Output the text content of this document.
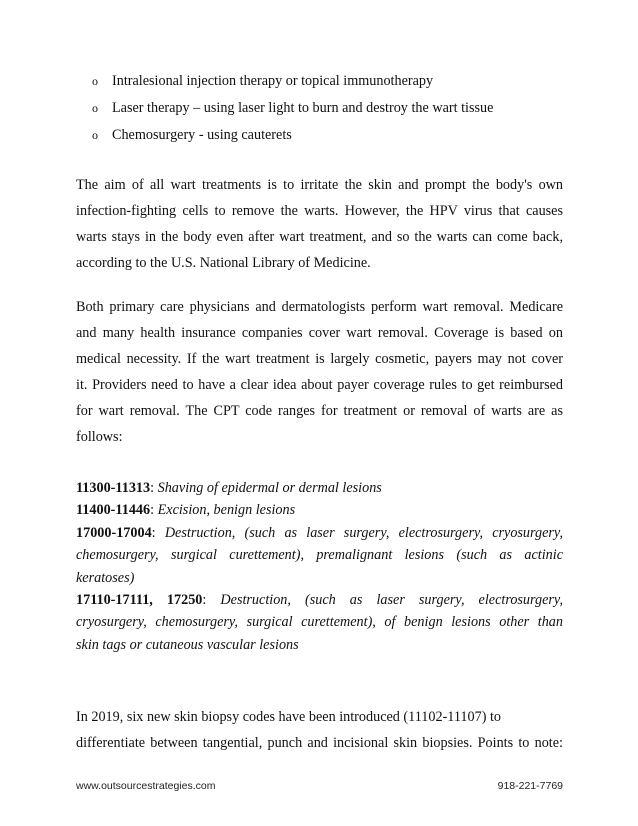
o Intralesional injection therapy or topical immunotherapy
o Laser therapy – using laser light to burn and destroy the wart tissue
o Chemosurgery - using cauterets

The aim of all wart treatments is to irritate the skin and prompt the body's own
infection-fighting cells to remove the warts. However, the HPV virus that causes
warts stays in the body even after wart treatment, and so the warts can come back,
according to the U.S. National Library of Medicine.

Both primary care physicians and dermatologists perform wart removal. Medicare
and many health insurance companies cover wart removal. Coverage is based on
medical necessity. If the wart treatment is largely cosmetic, payers may not cover
it. Providers need to have a clear idea about payer coverage rules to get reimbursed
for wart removal. The CPT code ranges for treatment or removal of warts are as
follows:

11300-11313: Shaving of epidermal or dermal lesions
11400-11446: Excision, benign lesions
17000-17004: Destruction, (such as laser surgery, electrosurgery, cryosurgery,
chemosurgery, surgical curettement), premalignant lesions (such as actinic
keratoses)
17110-17111, 17250: Destruction, (such as laser surgery, electrosurgery,
cryosurgery, chemosurgery, surgical curettement), of benign lesions other than
skin tags or cutaneous vascular lesions

In 2019, six new skin biopsy codes have been introduced (11102-11107) to
differentiate between tangential, punch and incisional skin biopsies. Points to note:

www.outsourcestrategies.com	918-221-7769
